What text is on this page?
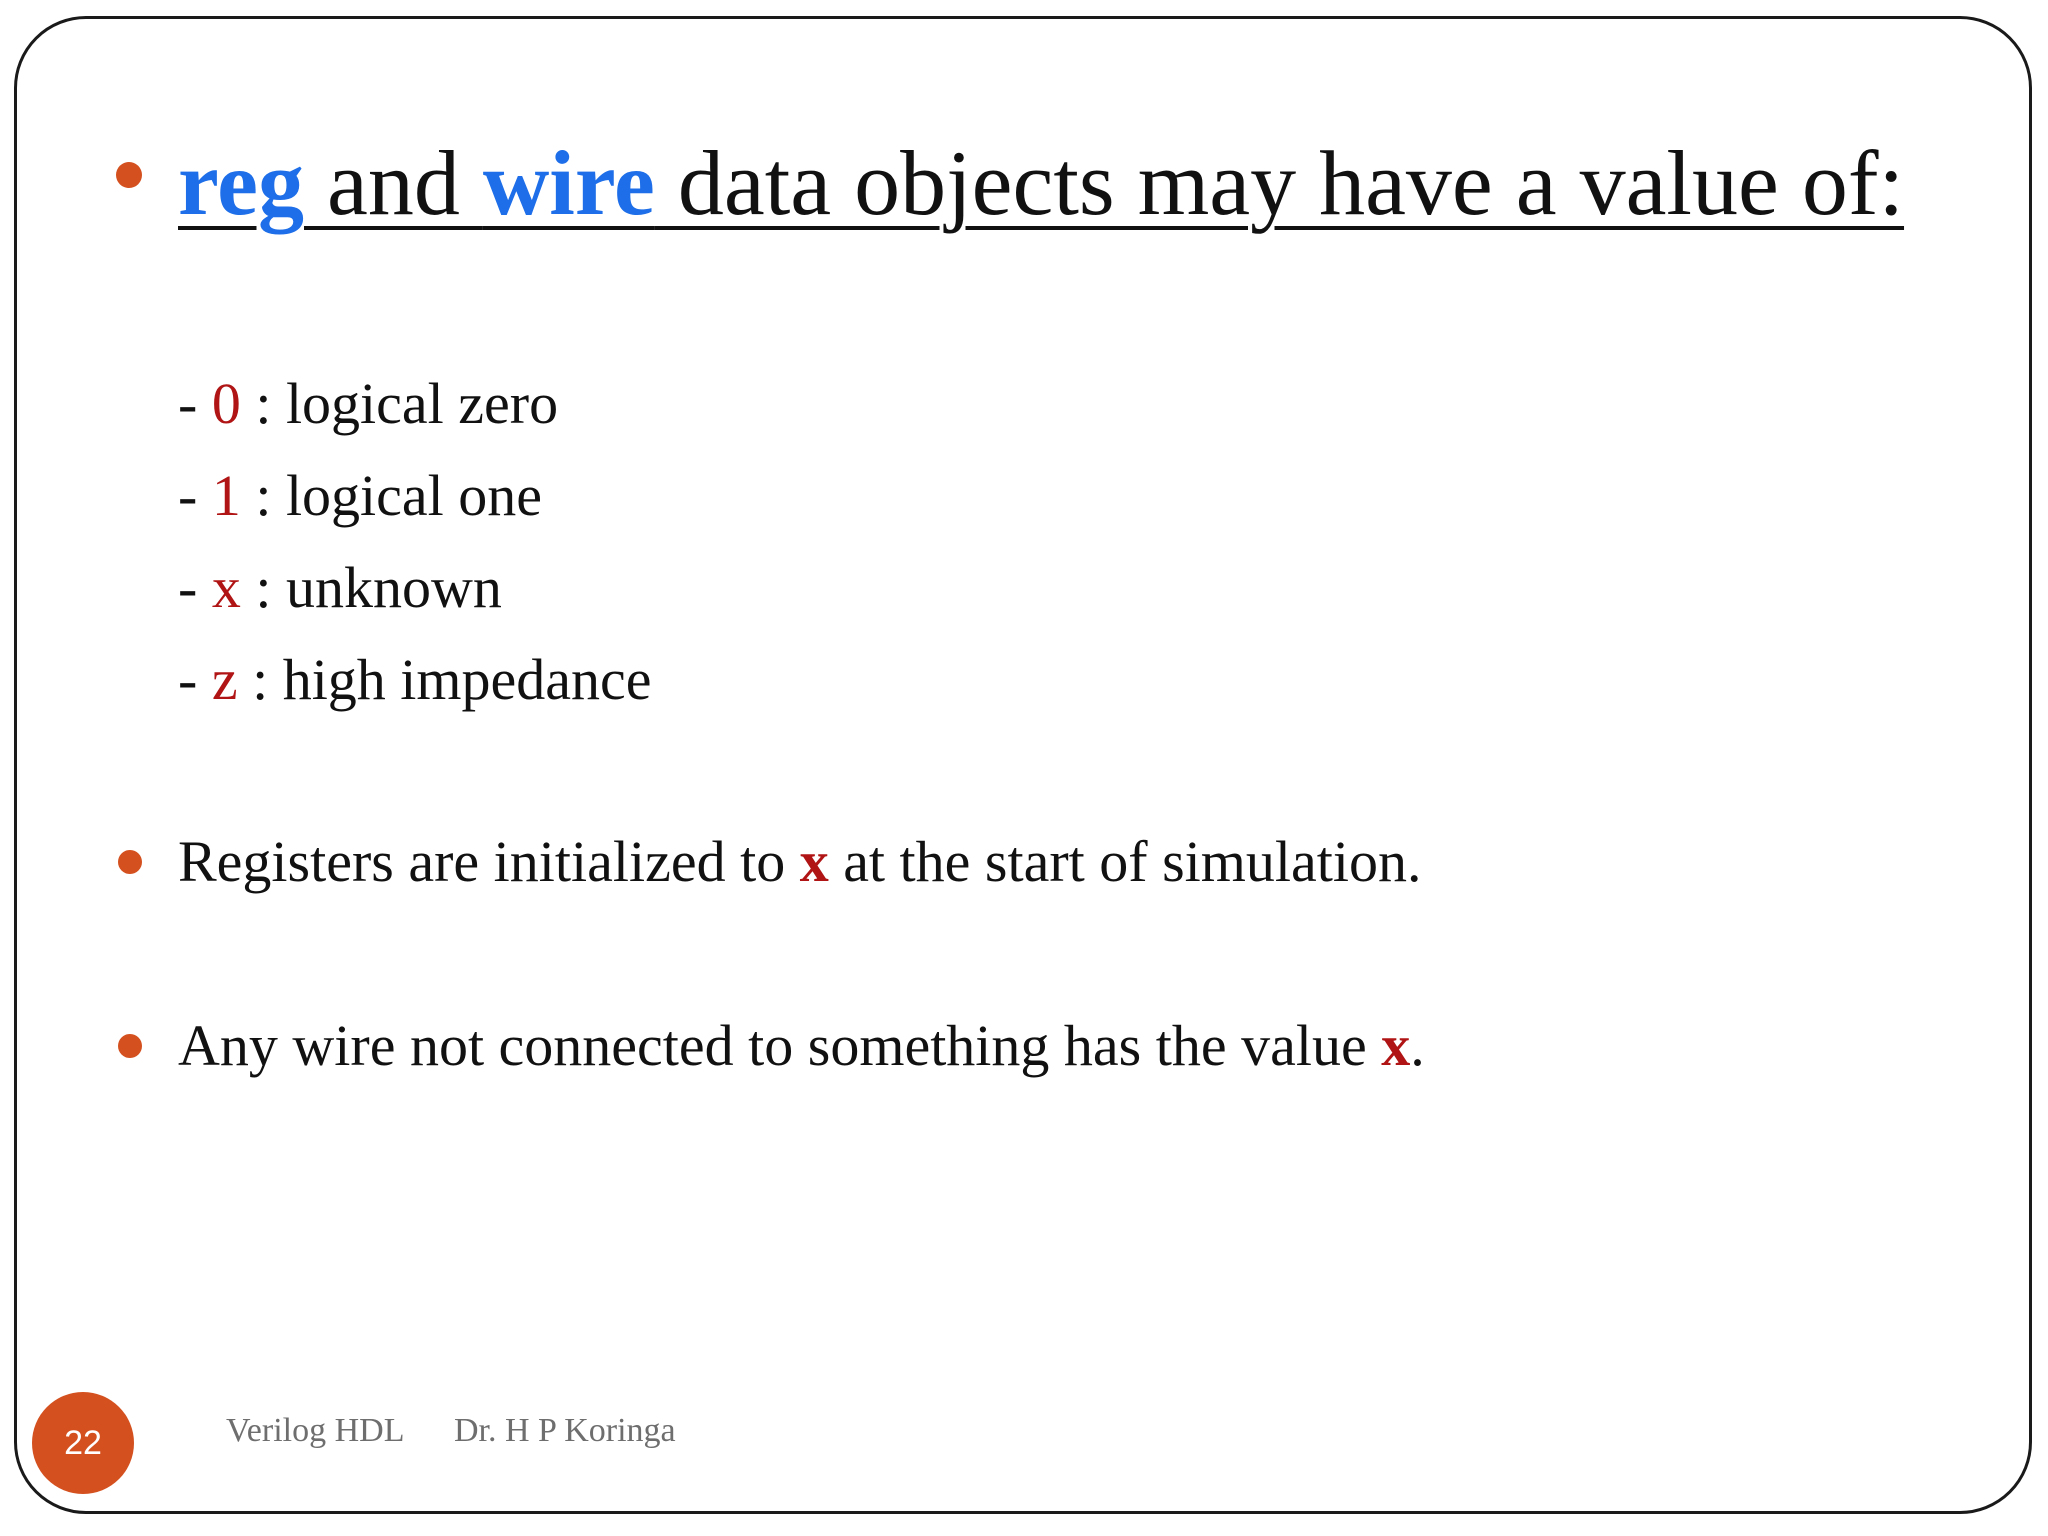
reg and wire data objects may have a value of:
- 0 : logical zero
- 1 : logical one
- x : unknown
- z : high impedance
Registers are initialized to x at the start of simulation.
Any wire not connected to something has the value x.
22	Verilog HDL Dr. H P Koringa
